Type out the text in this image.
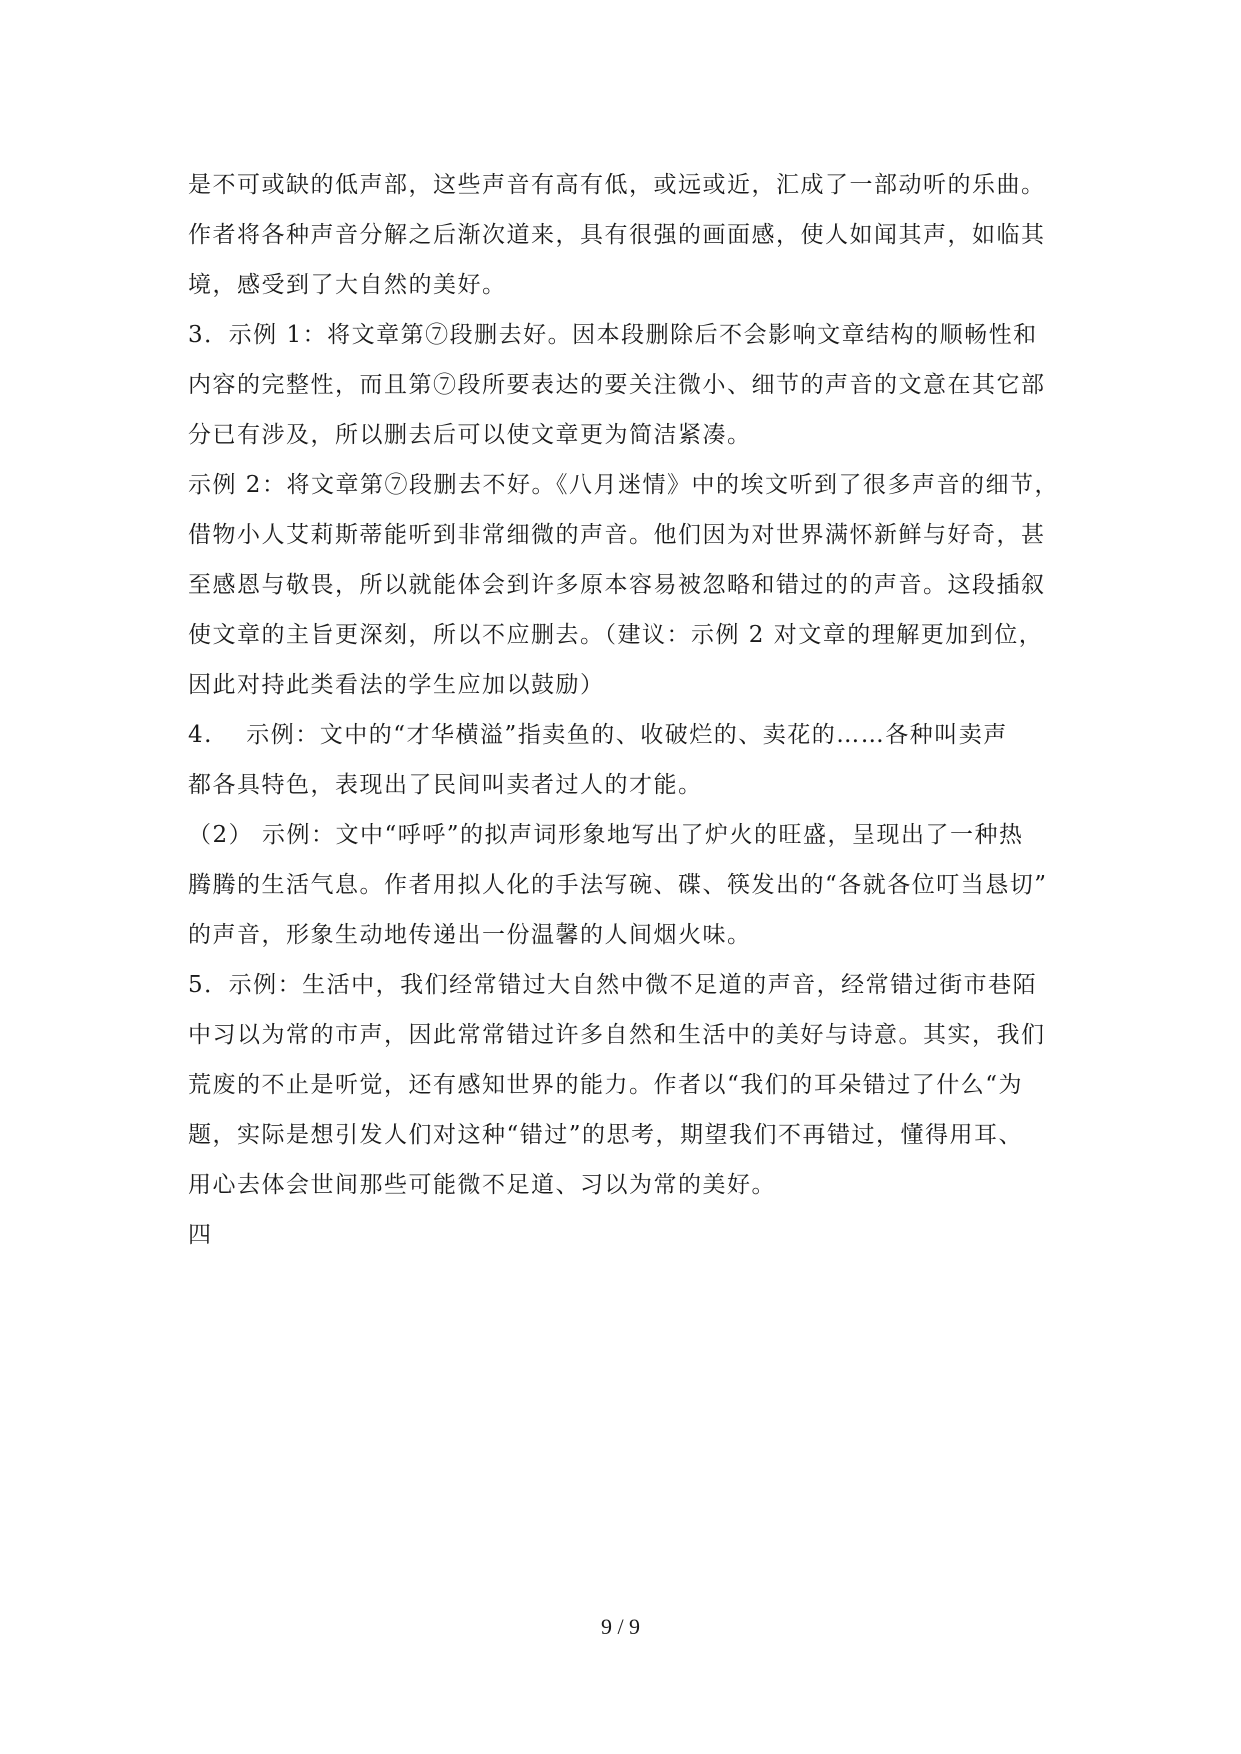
是不可或缺的低声部，这些声音有高有低，或远或近，汇成了一部动听的乐曲。
作者将各种声音分解之后渐次道来，具有很强的画面感，使人如闻其声，如临其
境，感受到了大自然的美好。
3．示例 1：将文章第⑦段删去好。因本段删除后不会影响文章结构的顺畅性和
内容的完整性，而且第⑦段所要表达的要关注微小、细节的声音的文意在其它部
分已有涉及，所以删去后可以使文章更为简洁紧凑。
示例 2：将文章第⑦段删去不好。《八月迷情》中的埃文听到了很多声音的细节，
借物小人艾莉斯蒂能听到非常细微的声音。他们因为对世界满怀新鲜与好奇，甚
至感恩与敬畏，所以就能体会到许多原本容易被忽略和错过的的声音。这段插叙
使文章的主旨更深刻，所以不应删去。（建议：示例 2 对文章的理解更加到位，
因此对持此类看法的学生应加以鼓励）
4.　 示例：文中的“才华横溢”指卖鱼的、收破烂的、卖花的……各种叫卖声
都各具特色，表现出了民间叫卖者过人的才能。
（2） 示例：文中“呼呼”的拟声词形象地写出了炉火的旺盛，呈现出了一种热
腾腾的生活气息。作者用拟人化的手法写碗、碟、筷发出的“各就各位叮当恳切”
的声音，形象生动地传递出一份温馨的人间烟火味。
5．示例：生活中，我们经常错过大自然中微不足道的声音，经常错过街市巷陌
中习以为常的市声，因此常常错过许多自然和生活中的美好与诗意。其实，我们
荒废的不止是听觉，还有感知世界的能力。作者以“我们的耳朵错过了什么“为
题，实际是想引发人们对这种“错过”的思考，期望我们不再错过，懂得用耳、
用心去体会世间那些可能微不足道、习以为常的美好。
四
9 / 9
